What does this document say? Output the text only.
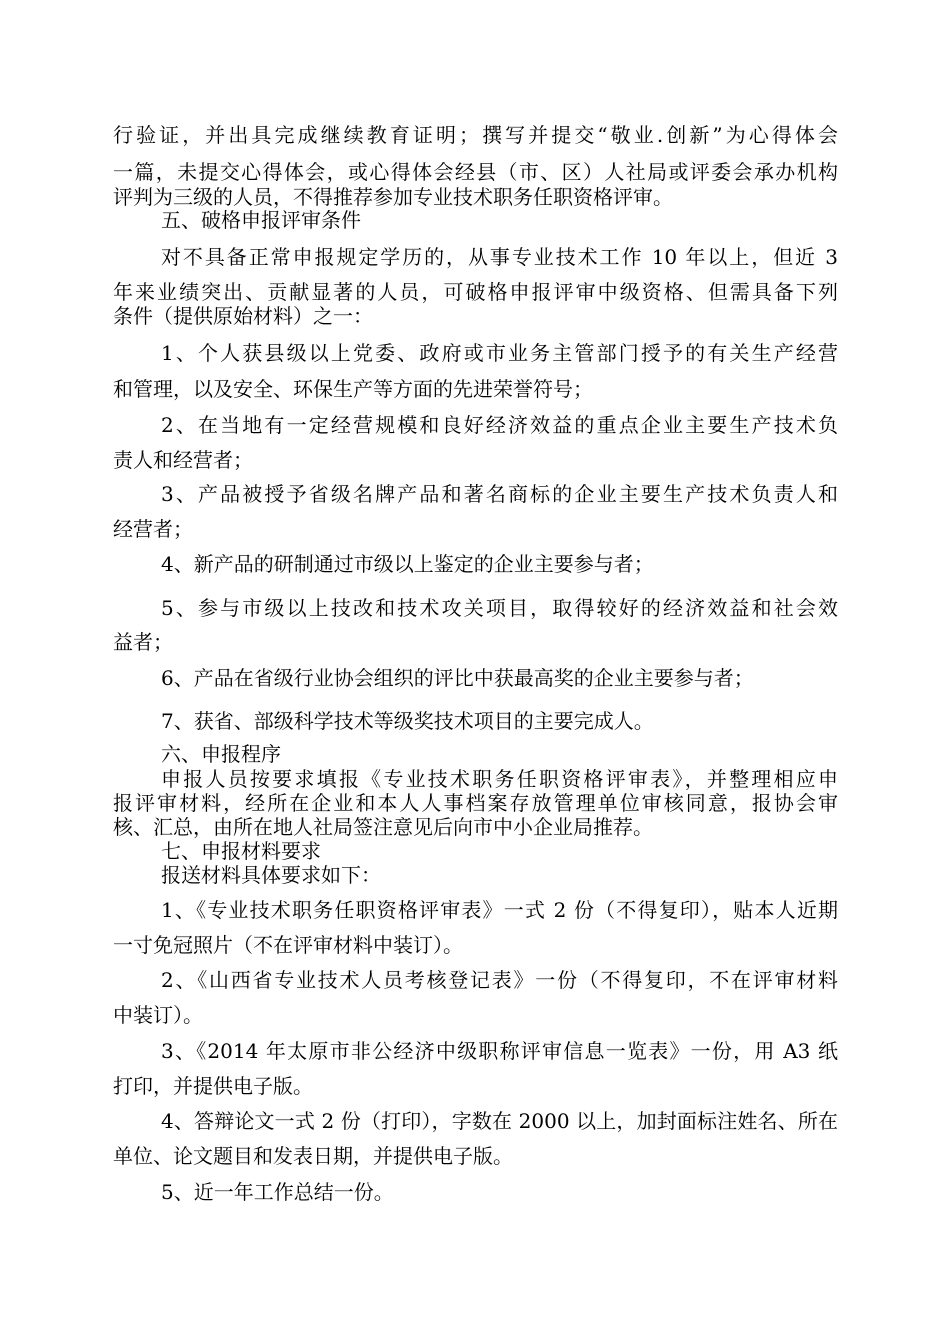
行验证，并出具完成继续教育证明；撰写并提交“敬业.创新”为心得体会
一篇，未提交心得体会，或心得体会经县（市、区）人社局或评委会承办机构
评判为三级的人员，不得推荐参加专业技术职务任职资格评审。
五、破格申报评审条件
对不具备正常申报规定学历的，从事专业技术工作 10 年以上，但近 3
年来业绩突出、贡献显著的人员，可破格申报评审中级资格、但需具备下列
条件（提供原始材料）之一：
1、个人获县级以上党委、政府或市业务主管部门授予的有关生产经营
和管理，以及安全、环保生产等方面的先进荣誉符号；
2、在当地有一定经营规模和良好经济效益的重点企业主要生产技术负
责人和经营者；
3、产品被授予省级名牌产品和著名商标的企业主要生产技术负责人和
经营者；
4、新产品的研制通过市级以上鉴定的企业主要参与者；
5、参与市级以上技改和技术攻关项目，取得较好的经济效益和社会效
益者；
6、产品在省级行业协会组织的评比中获最高奖的企业主要参与者；
7、获省、部级科学技术等级奖技术项目的主要完成人。
六、申报程序
申报人员按要求填报《专业技术职务任职资格评审表》，并整理相应申
报评审材料，经所在企业和本人人事档案存放管理单位审核同意，报协会审
核、汇总，由所在地人社局签注意见后向市中小企业局推荐。
七、申报材料要求
报送材料具体要求如下：
1、《专业技术职务任职资格评审表》一式 2 份（不得复印），贴本人近期
一寸免冠照片（不在评审材料中装订）。
2、《山西省专业技术人员考核登记表》一份（不得复印，不在评审材料
中装订）。
3、《2014 年太原市非公经济中级职称评审信息一览表》一份，用 A3 纸
打印，并提供电子版。
4、答辩论文一式 2 份（打印），字数在 2000 以上，加封面标注姓名、所在
单位、论文题目和发表日期，并提供电子版。
5、近一年工作总结一份。
